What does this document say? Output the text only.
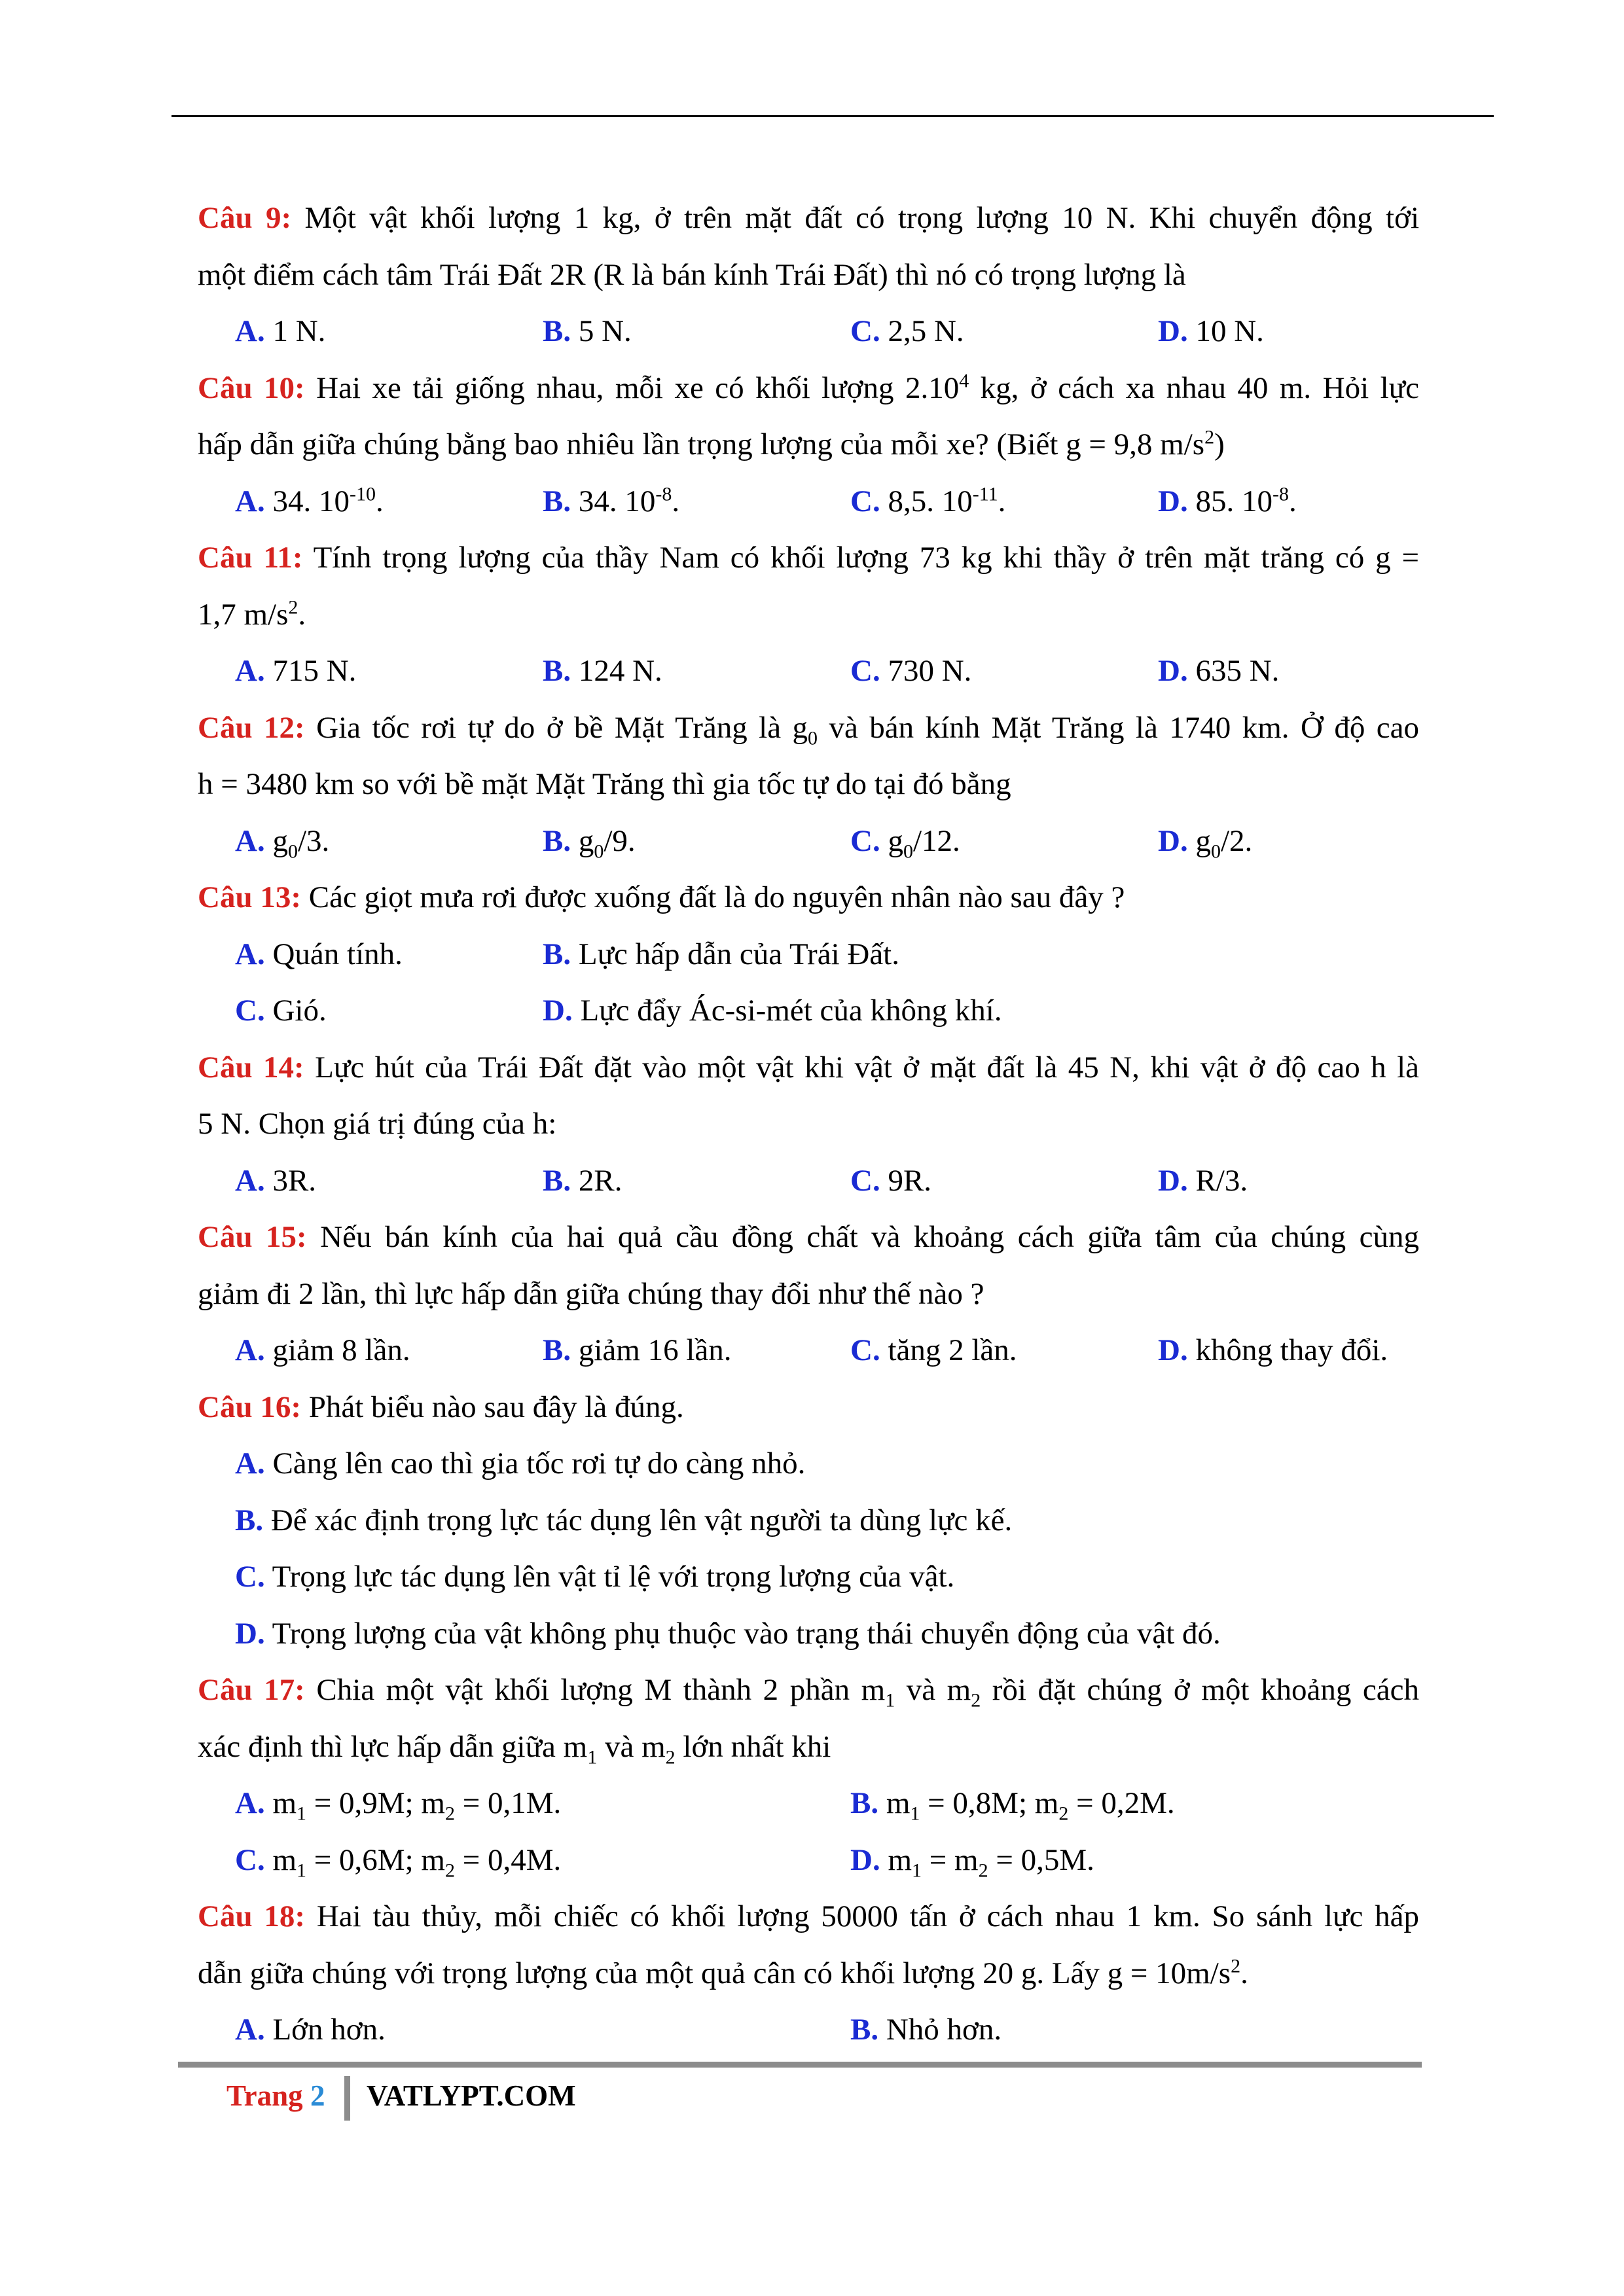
Câu 9: Một vật khối lượng 1 kg, ở trên mặt đất có trọng lượng 10 N. Khi chuyển động tới
một điểm cách tâm Trái Đất 2R (R là bán kính Trái Đất) thì nó có trọng lượng là
A. 1 N.	B. 5 N.	C. 2,5 N.	D. 10 N.
Câu 10: Hai xe tải giống nhau, mỗi xe có khối lượng 2.10$^4$ kg, ở cách xa nhau 40 m. Hỏi lực
hấp dẫn giữa chúng bằng bao nhiêu lần trọng lượng của mỗi xe? (Biết g = 9,8 $m/s^2$)
A. 34. $10^{-10}$.	B. 34. $10^{-8}$.	C. 8,5. $10^{-11}$.	D. 85. $10^{-8}$.
Câu 11: Tính trọng lượng của thầy Nam có khối lượng 73 kg khi thầy ở trên mặt trăng có g =
1,7 $m/s^2$.
A. 715 N.	B. 124 N.	C. 730 N.	D. 635 N.
Câu 12: Gia tốc rơi tự do ở bề Mặt Trăng là $g_0$ và bán kính Mặt Trăng là 1740 km. Ở độ cao
h = 3480 km so với bề mặt Mặt Trăng thì gia tốc tự do tại đó bằng
A. $g_0/3$.	B. $g_0/9$.	C. $g_0/12$.	D. $g_0/2$.
Câu 13: Các giọt mưa rơi được xuống đất là do nguyên nhân nào sau đây ?
A. Quán tính.	B. Lực hấp dẫn của Trái Đất.
C. Gió.	D. Lực đẩy Ác-si-mét của không khí.
Câu 14: Lực hút của Trái Đất đặt vào một vật khi vật ở mặt đất là 45 N, khi vật ở độ cao h là
5 N. Chọn giá trị đúng của h:
A. 3R.	B. 2R.	C. 9R.	D. R/3.
Câu 15: Nếu bán kính của hai quả cầu đồng chất và khoảng cách giữa tâm của chúng cùng
giảm đi 2 lần, thì lực hấp dẫn giữa chúng thay đổi như thế nào ?
A. giảm 8 lần.	B. giảm 16 lần.	C. tăng 2 lần.	D. không thay đổi.
Câu 16: Phát biểu nào sau đây là đúng.
A. Càng lên cao thì gia tốc rơi tự do càng nhỏ.
B. Để xác định trọng lực tác dụng lên vật người ta dùng lực kế.
C. Trọng lực tác dụng lên vật tỉ lệ với trọng lượng của vật.
D. Trọng lượng của vật không phụ thuộc vào trạng thái chuyển động của vật đó.
Câu 17: Chia một vật khối lượng M thành 2 phần $m_1$ và $m_2$ rồi đặt chúng ở một khoảng cách
xác định thì lực hấp dẫn giữa $m_1$ và $m_2$ lớn nhất khi
A. $m_1 = 0,9M$; $m_2 = 0,1M$.	B. $m_1 = 0,8M$; $m_2 = 0,2M$.
C. $m_1 = 0,6M$; $m_2 = 0,4M$.	D. $m_1 = m_2 = 0,5M$.
Câu 18: Hai tàu thủy, mỗi chiếc có khối lượng 50000 tấn ở cách nhau 1 km. So sánh lực hấp
dẫn giữa chúng với trọng lượng của một quả cân có khối lượng 20 g. Lấy $g = 10m/s^2$.
A. Lớn hơn.	B. Nhỏ hơn.
Trang 2 VATLYPT.COM
